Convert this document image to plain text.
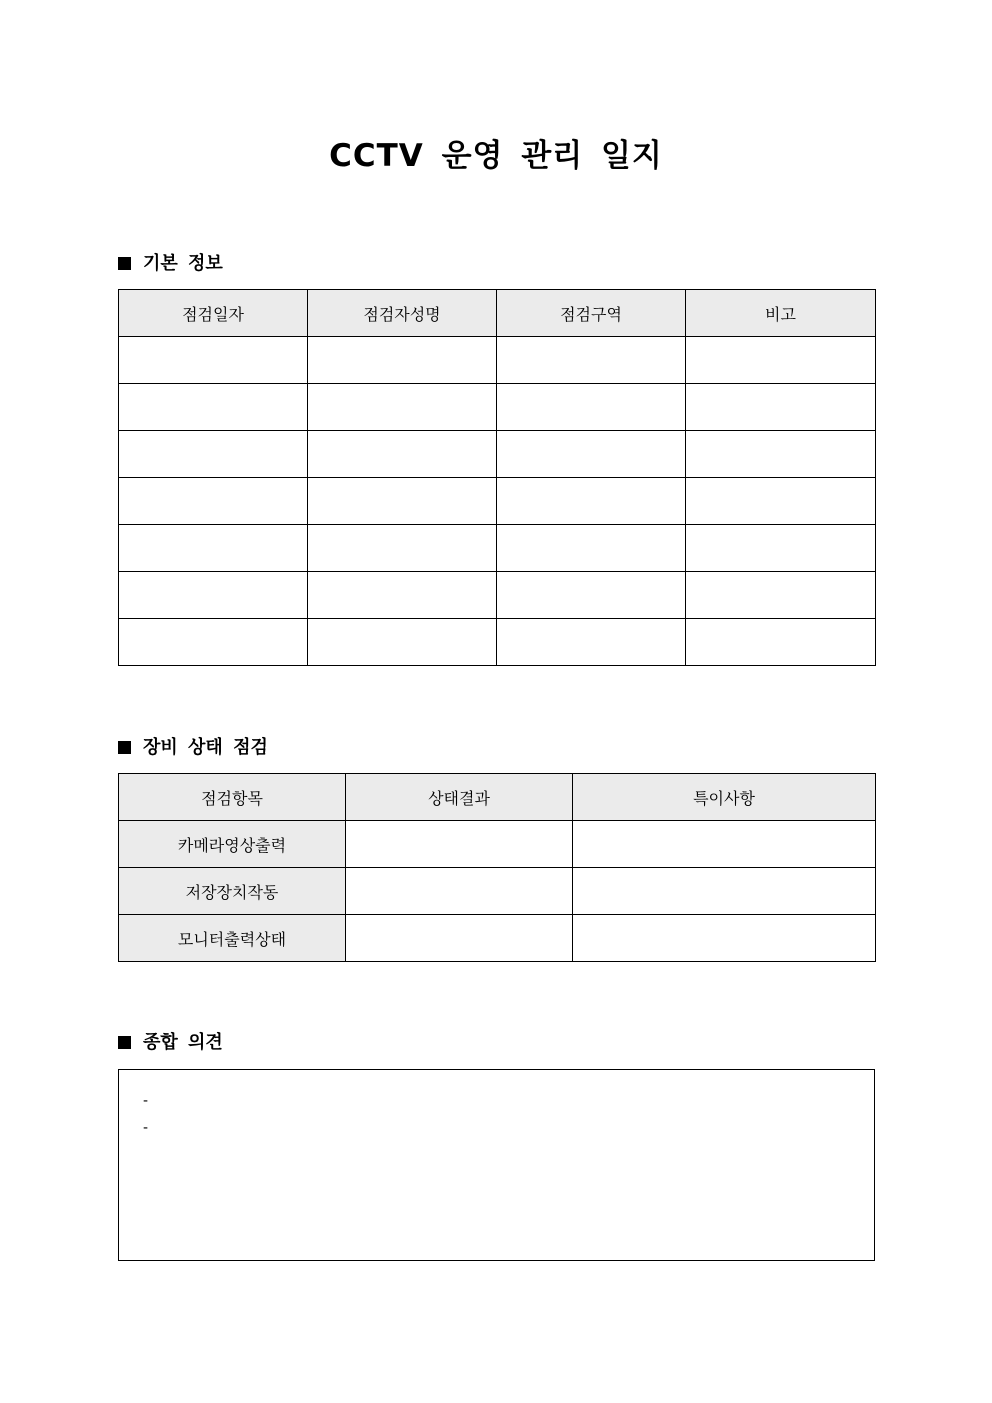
CCTV 운영 관리 일지
기본 정보
점검일자	점검자성명	점검구역	비고

장비 상태 점검
점검항목	상태결과	특이사항
카메라영상출력		
저장장치작동		
모니터출력상태		
종합 의견
-
-
